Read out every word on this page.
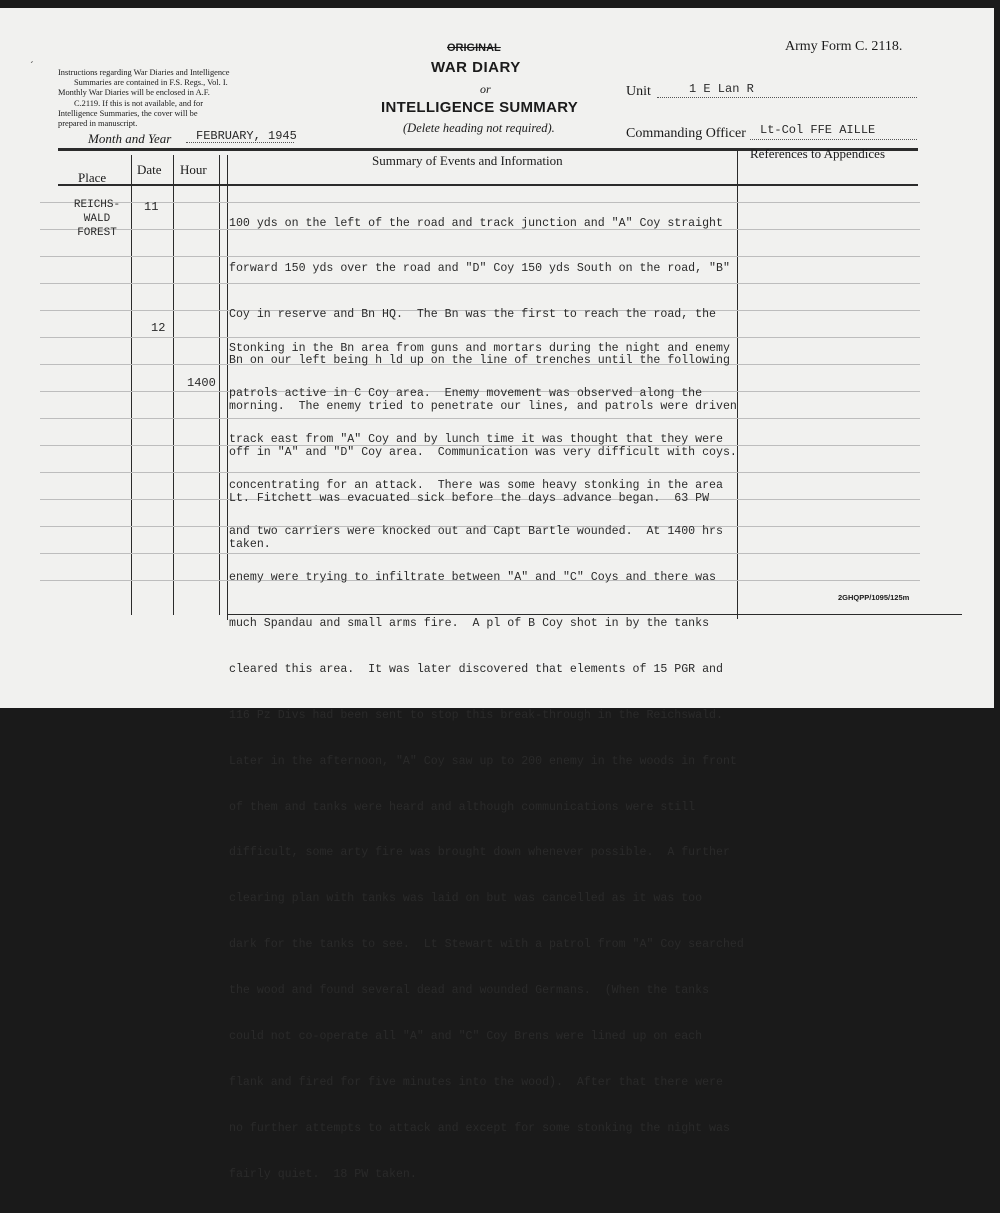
ˊ
Instructions regarding War Diaries and Intelligence
Summaries are contained in F.S. Regs., Vol. I.
Monthly War Diaries will be enclosed in A.F.
C.2119. If this is not available, and for
Intelligence Summaries, the cover will be
prepared in manuscript.
ORIGINAL
WAR DIARY
or
INTELLIGENCE SUMMARY
(Delete heading not required).
Army Form C. 2118.
Month and Year FEBRUARY, 1945
Unit	1 E Lan R
Commanding Officer Lt-Col FFE AILLE
Place
Date Hour
Summary of Events and Information	References to Appendices
REICHS-
WALD
FOREST
11

100 yds on the left of the road and track junction and "A" Coy straight

forward 150 yds over the road and "D" Coy 150 yds South on the road, "B"

Coy in reserve and Bn HQ.  The Bn was the first to reach the road, the

Bn on our left being h ld up on the line of trenches until the following

morning.  The enemy tried to penetrate our lines, and patrols were driven

off in "A" and "D" Coy area.  Communication was very difficult with coys.

Lt. Fitchett was evacuated sick before the days advance began.  63 PW

taken.

12
1400

Stonking in the Bn area from guns and mortars during the night and enemy

patrols active in C Coy area.  Enemy movement was observed along the

track east from "A" Coy and by lunch time it was thought that they were

concentrating for an attack.  There was some heavy stonking in the area

and two carriers were knocked out and Capt Bartle wounded.  At 1400 hrs

enemy were trying to infiltrate between "A" and "C" Coys and there was

much Spandau and small arms fire.  A pl of B Coy shot in by the tanks

cleared this area.  It was later discovered that elements of 15 PGR and

116 Pz Divs had been sent to stop this break-through in the Reichswald.

Later in the afternoon, "A" Coy saw up to 200 enemy in the woods in front

of them and tanks were heard and although communications were still

difficult, some arty fire was brought down whenever possible.  A further

clearing plan with tanks was laid on but was cancelled as it was too

dark for the tanks to see.  Lt Stewart with a patrol from "A" Coy searched

the wood and found several dead and wounded Germans.  (When the tanks

could not co-operate all "A" and "C" Coy Brens were lined up on each

flank and fired for five minutes into the wood).  After that there were

no further attempts to attack and except for some stonking the night was

fairly quiet.  18 PW taken.

2GHQPP/1095/125m
